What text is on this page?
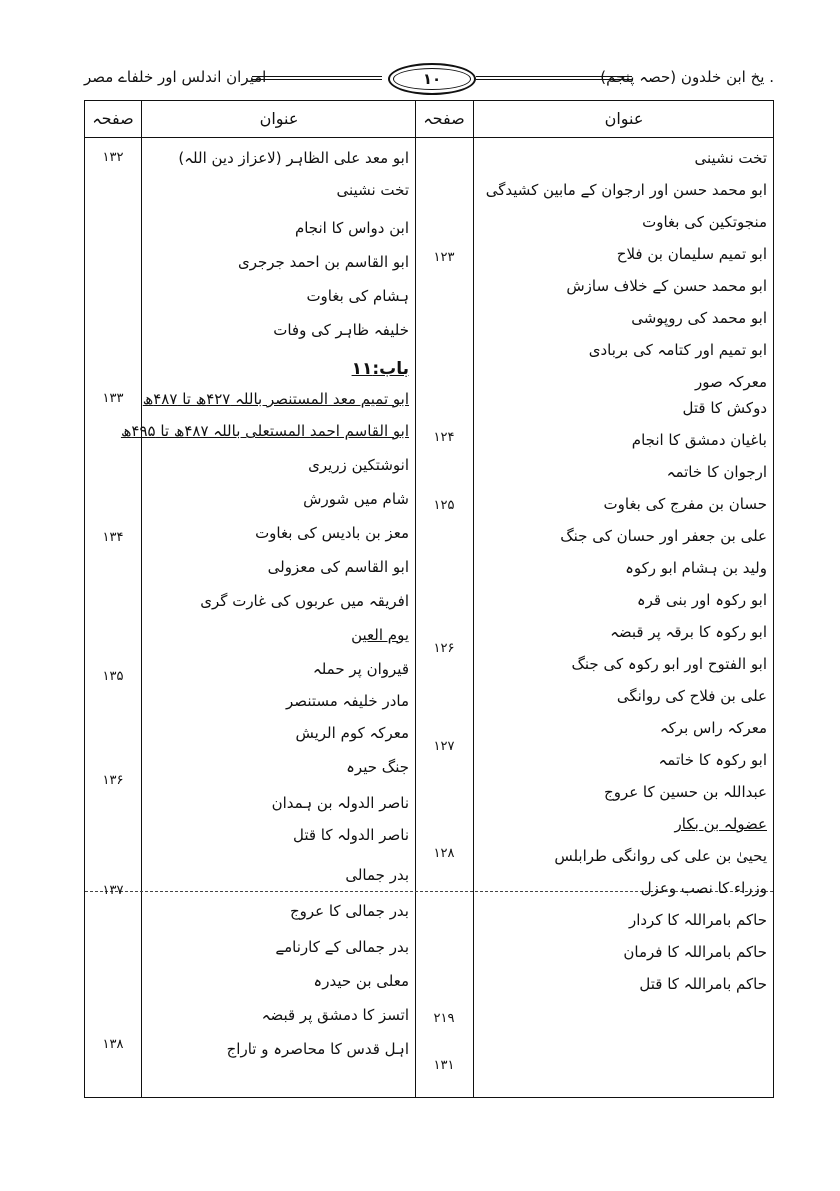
امیران اندلس اور خلفاے مصر	۱۰	. یخ ابن خلدون (حصہ پنجم)
عنوان
صفحہ
عنوان
صفحہ
تخت نشینی
ابو محمد حسن اور ارجوان کے مابین کشیدگی
منجوتکین کی بغاوت
ابو تمیم سلیمان بن فلاح
ابو محمد حسن کے خلاف سازش
ابو محمد کی روپوشی
ابو تمیم اور کتامہ کی بربادی
معرکہ صور
دوکش کا قتل
باغیان دمشق کا انجام
ارجوان کا خاتمہ
حسان بن مفرج کی بغاوت
علی بن جعفر اور حسان کی جنگ
ولید بن ہشام ابو رکوہ
ابو رکوہ اور بنی قرہ
ابو رکوہ کا برقہ پر قبضہ
ابو الفتوح اور ابو رکوہ کی جنگ
علی بن فلاح کی روانگی
معرکہ راس برکہ
ابو رکوہ کا خاتمہ
عبداللہ بن حسین کا عروج
عضولہ بن بکار
یحییٰ بن علی کی روانگی طرابلس
وزراء کا نصب وعزل
حاکم بامراللہ کا کردار
حاکم بامراللہ کا فرمان
حاکم بامراللہ کا قتل
۱۲۳
۱۲۴
۱۲۵
۱۲۶
۱۲۷
۱۲۸
۲۱۹
۱۳۱
ابو معد علی الظاہر (لاعزاز دین اللہ)
تخت نشینی
ابن دواس کا انجام
ابو القاسم بن احمد جرجری
ہشام کی بغاوت
خلیفہ ظاہر کی وفات
باب:۱۱
ابو تمیم معد المستنصر باللہ ۴۲۷ھ تا ۴۸۷ھ
ابو القاسم احمد المستعلی باللہ ۴۸۷ھ تا ۴۹۵ھ
انوشتکین زریری
شام میں شورش
معز بن بادیس کی بغاوت
ابو القاسم کی معزولی
افریقہ میں عربوں کی غارت گری
یوم العین
قیروان پر حملہ
مادر خلیفہ مستنصر
معرکہ کوم الریش
جنگ حیرہ
ناصر الدولہ بن ہمدان
ناصر الدولہ کا قتل
بدر جمالی
بدر جمالی کا عروج
بدر جمالی کے کارنامے
معلی بن حیدرہ
اتسز کا دمشق پر قبضہ
اہل قدس کا محاصرہ و تاراج
۱۳۲
۱۳۳
۱۳۴
۱۳۵
۱۳۶
۱۳۷
۱۳۸
